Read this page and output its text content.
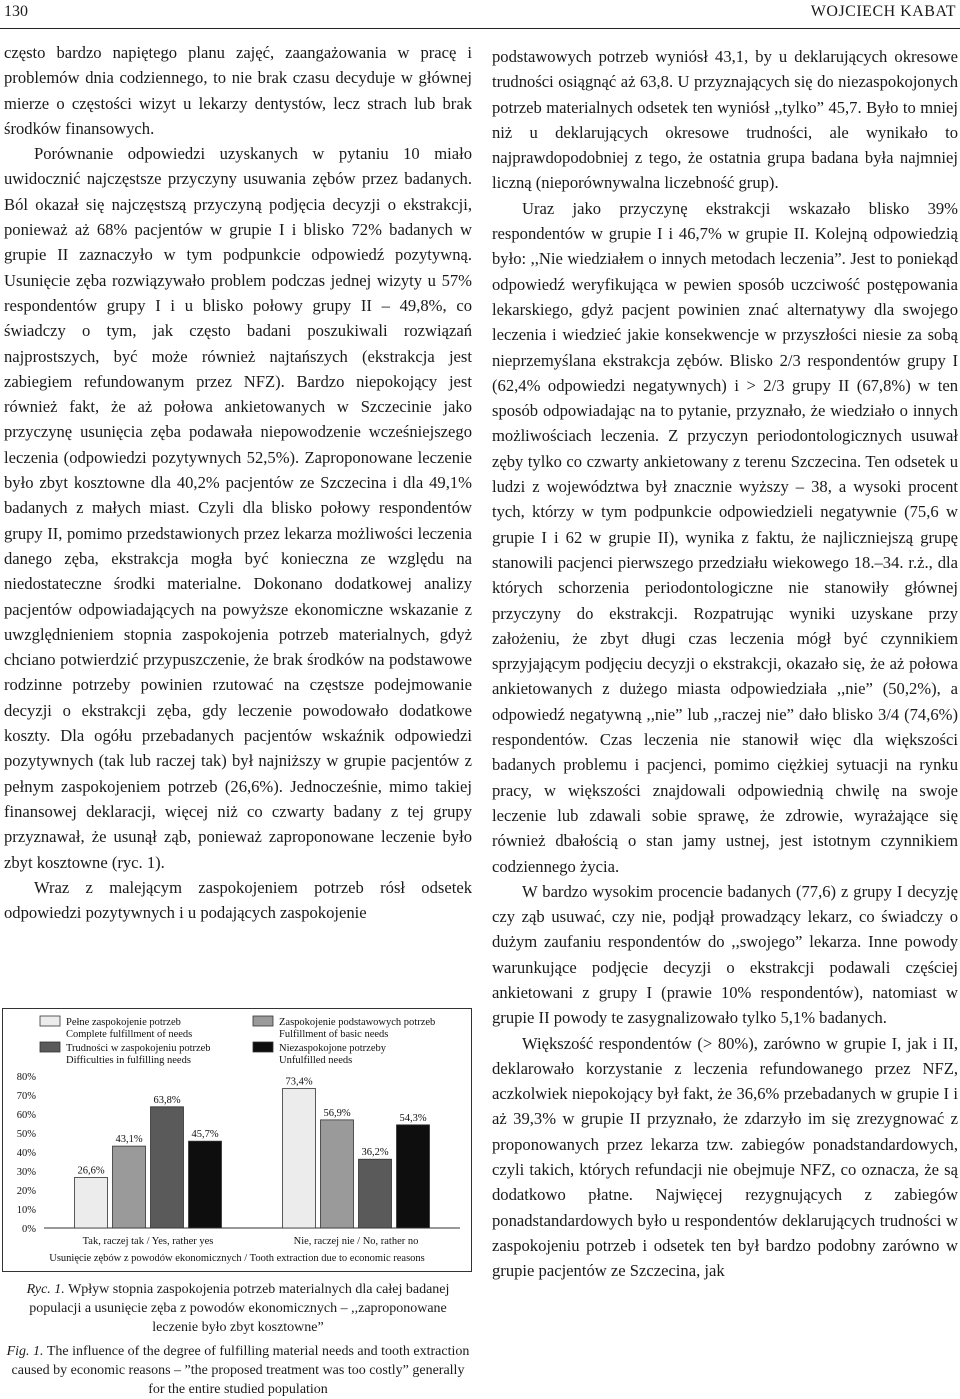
130	WOJCIECH KABAT

często bardzo napiętego planu zajęć, zaangażowania w pracę i problemów dnia codziennego, to nie brak czasu decyduje w głównej mierze o częstości wizyt u lekarzy dentystów, lecz strach lub brak środków finansowych.

Porównanie odpowiedzi uzyskanych w pytaniu 10 miało uwidocznić najczęstsze przyczyny usuwania zębów przez badanych. Ból okazał się najczęstszą przyczyną podjęcia decyzji o ekstrakcji, ponieważ aż 68% pacjentów w grupie I i blisko 72% badanych w grupie II zaznaczyło w tym podpunkcie odpowiedź pozytywną. Usunięcie zęba rozwiązywało problem podczas jednej wizyty u 57% respondentów grupy I i u blisko połowy grupy II – 49,8%, co świadczy o tym, jak często badani poszukiwali rozwiązań najprostszych, być może również najtańszych (ekstrakcja jest zabiegiem refundowanym przez NFZ). Bardzo niepokojący jest również fakt, że aż połowa ankietowanych w Szczecinie jako przyczynę usunięcia zęba podawała niepowodzenie wcześniejszego leczenia (odpowiedzi pozytywnych 52,5%). Zaproponowane leczenie było zbyt kosztowne dla 40,2% pacjentów ze Szczecina i dla 49,1% badanych z małych miast. Czyli dla blisko połowy respondentów grupy II, pomimo przedstawionych przez lekarza możliwości leczenia danego zęba, ekstrakcja mogła być konieczna ze względu na niedostateczne środki materialne. Dokonano dodatkowej analizy pacjentów odpowiadających na powyższe ekonomiczne wskazanie z uwzględnieniem stopnia zaspokojenia potrzeb materialnych, gdyż chciano potwierdzić przypuszczenie, że brak środków na podstawowe rodzinne potrzeby powinien rzutować na częstsze podejmowanie decyzji o ekstrakcji zęba, gdy leczenie powodowało dodatkowe koszty. Dla ogółu przebadanych pacjentów wskaźnik odpowiedzi pozytywnych (tak lub raczej tak) był najniższy w grupie pacjentów z pełnym zaspokojeniem potrzeb (26,6%). Jednocześnie, mimo takiej finansowej deklaracji, więcej niż co czwarty badany z tej grupy przyznawał, że usunął ząb, ponieważ zaproponowane leczenie było zbyt kosztowne (ryc. 1).

Wraz z malejącym zaspokojeniem potrzeb rósł odsetek odpowiedzi pozytywnych i u podających zaspokojenie

podstawowych potrzeb wyniósł 43,1, by u deklarujących okresowe trudności osiągnąć aż 63,8. U przyznających się do niezaspokojonych potrzeb materialnych odsetek ten wyniósł ,,tylko” 45,7. Było to mniej niż u deklarujących okresowe trudności, ale wynikało to najprawdopodobniej z tego, że ostatnia grupa badana była najmniej liczną (nieporównywalna liczebność grup).

Uraz jako przyczynę ekstrakcji wskazało blisko 39% respondentów w grupie I i 46,7% w grupie II. Kolejną odpowiedzią było: ,,Nie wiedziałem o innych metodach leczenia”. Jest to poniekąd odpowiedź weryfikująca w pewien sposób uczciwość postępowania lekarskiego, gdyż pacjent powinien znać alternatywy dla swojego leczenia i wiedzieć jakie konsekwencje w przyszłości niesie za sobą nieprzemyślana ekstrakcja zębów. Blisko 2/3 respondentów grupy I (62,4% odpowiedzi negatywnych) i > 2/3 grupy II (67,8%) w ten sposób odpowiadając na to pytanie, przyznało, że wiedziało o innych możliwościach leczenia. Z przyczyn periodontologicznych usuwał zęby tylko co czwarty ankietowany z terenu Szczecina. Ten odsetek u ludzi z województwa był znacznie wyższy – 38, a wysoki procent tych, którzy w tym podpunkcie odpowiedzieli negatywnie (75,6 w grupie I i 62 w grupie II), wynika z faktu, że najliczniejszą grupę stanowili pacjenci pierwszego przedziału wiekowego 18.–34. r.ż., dla których schorzenia periodontologiczne nie stanowiły głównej przyczyny do ekstrakcji. Rozpatrując wyniki uzyskane przy założeniu, że zbyt długi czas leczenia mógł być czynnikiem sprzyjającym podjęciu decyzji o ekstrakcji, okazało się, że aż połowa ankietowanych z dużego miasta odpowiedziała ,,nie” (50,2%), a odpowiedź negatywną ,,nie” lub ,,raczej nie” dało blisko 3/4 (74,6%) respondentów. Czas leczenia nie stanowił więc dla większości badanych problemu i pacjenci, pomimo ciężkiej sytuacji na rynku pracy, w większości znajdowali odpowiednią chwilę na swoje leczenie lub zdawali sobie sprawę, że zdrowie, wyrażające się również dbałością o stan jamy ustnej, jest istotnym czynnikiem codziennego życia.

W bardzo wysokim procencie badanych (77,6) z grupy I decyzję czy ząb usuwać, czy nie, podjął prowadzący lekarz, co świadczy o dużym zaufaniu respondentów do ,,swojego” lekarza. Inne powody warunkujące podjęcie decyzji o ekstrakcji podawali częściej ankietowani z grupy I (prawie 10% respondentów), natomiast w grupie II powody te zasygnalizowało tylko 5,1% badanych.

Większość respondentów (> 80%), zarówno w grupie I, jak i II, deklarowało korzystanie z leczenia refundowanego przez NFZ, aczkolwiek niepokojący był fakt, że 36,6% przebadanych w grupie I i aż 39,3% w grupie II przyznało, że zdarzyło im się zrezygnować z proponowanych przez lekarza tzw. zabiegów ponadstandardowych, czyli takich, których refundacji nie obejmuje NFZ, co oznacza, że są dodatkowo płatne. Najwięcej rezygnujących z zabiegów ponadstandardowych było u respondentów deklarujących trudności w zaspokojeniu potrzeb i odsetek ten był bardzo podobny zarówno w grupie pacjentów ze Szczecina, jak

Pełne zaspokojenie potrzeb
Complete fulfillment of needs
Zaspokojenie podstawowych potrzeb
Fulfillment of basic needs
Trudności w zaspokojeniu potrzeb
Difficulties in fulfilling needs
Niezaspokojone potrzeby
Unfulfilled needs
0%
10%
20%
30%
40%
50%
60%
70%
80%
26,6%
43,1%
63,8%
45,7%
Tak, raczej tak / Yes, rather yes
73,4%
56,9%
36,2%
54,3%
Nie, raczej nie / No, rather no
Usunięcie zębów z powodów ekonomicznych / Tooth extraction due to economic reasons
Ryc. 1. Wpływ stopnia zaspokojenia potrzeb materialnych dla całej badanej populacji a usunięcie zęba z powodów ekonomicznych – ,,zaproponowane leczenie było zbyt kosztowne”
Fig. 1. The influence of the degree of fulfilling material needs and tooth extraction caused by economic reasons – ”the proposed treatment was too costly” generally for the entire studied population
